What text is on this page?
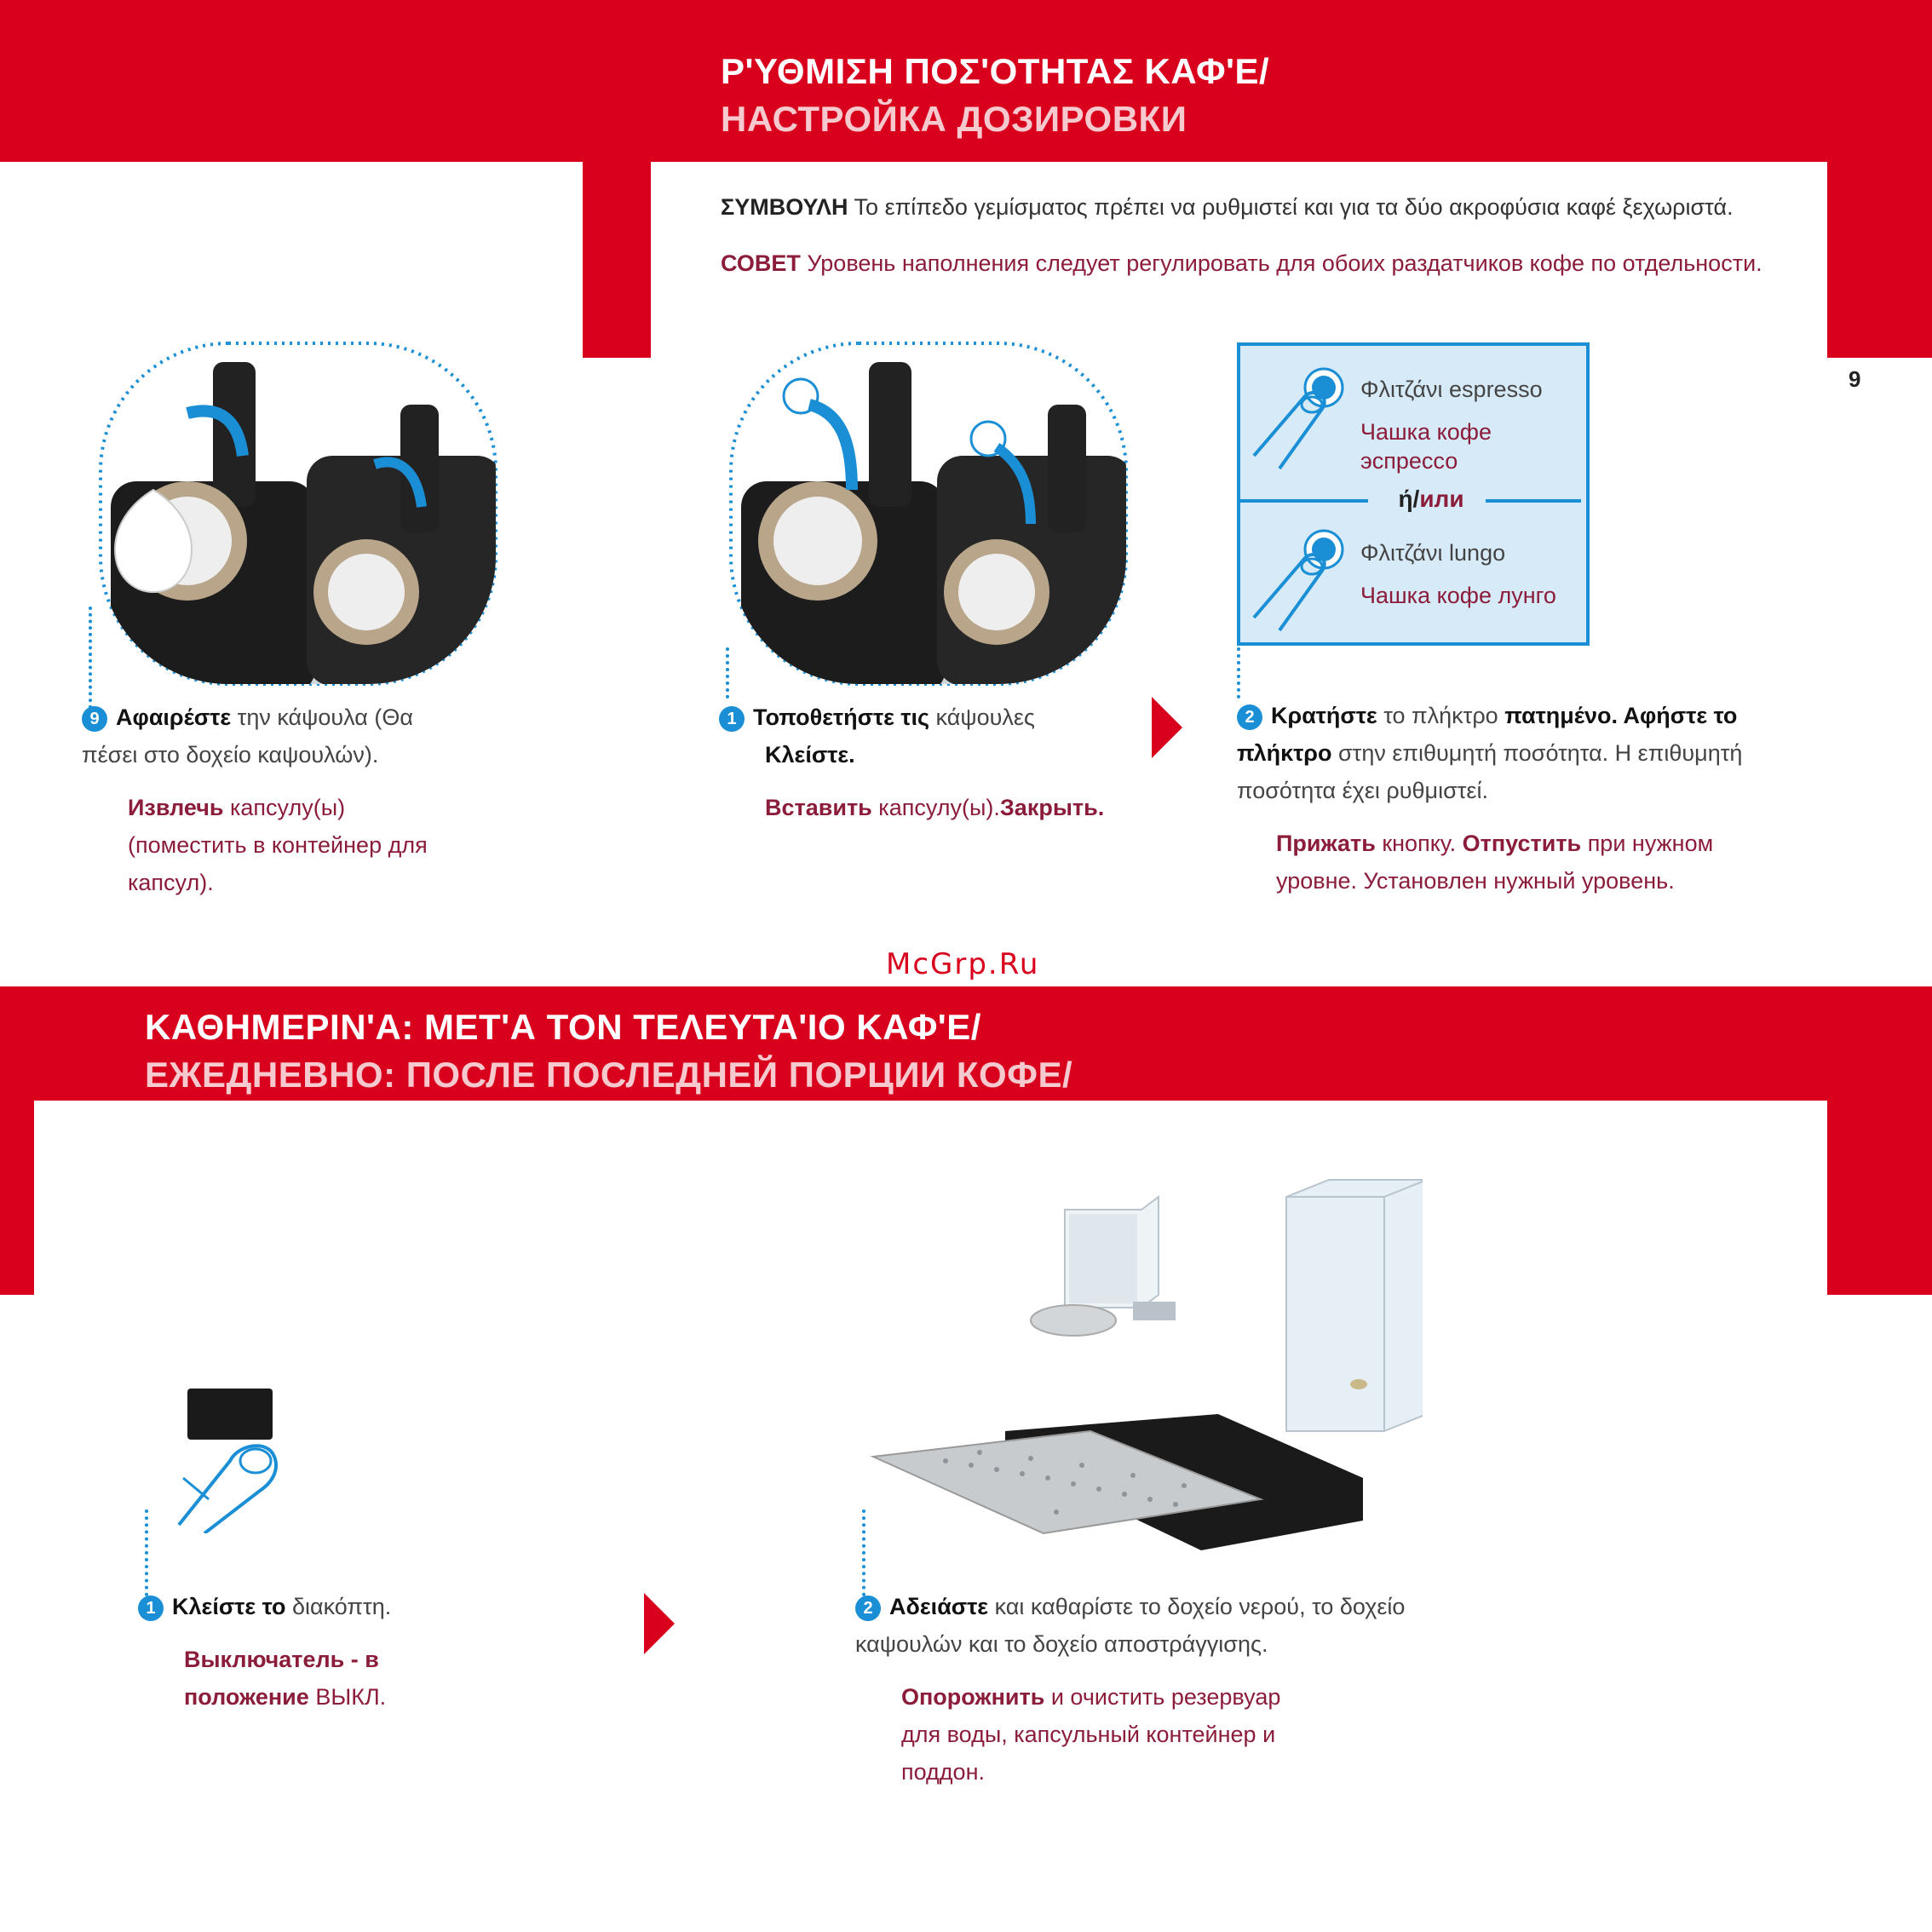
Ρ'ΥΘΜΙΣΗ ΠΟΣ'ΟΤΗΤΑΣ ΚΑΦ'Ε/
НАСТРОЙКА ДОЗИРОВКИ
ΣΥΜΒΟΥΛΗ Το επίπεδο γεμίσματος πρέπει να ρυθμιστεί και για τα δύο ακροφύσια καφέ ξεχωριστά.
СОВЕТ Уровень наполнения следует регулировать для обоих раздатчиков кофе по отдельности.
9
9 Αφαιρέστε την κάψουλα (Θα πέσει στο δοχείο καψουλών).
Извлечь капсулу(ы) (поместить в контейнер для капсул).
1 Τοποθετήστε τις κάψουλες
Κλείστε.
Вставить капсулу(ы).Закрыть.
Φλιτζάνι espresso
Чашка кофе эспрессо
ή/или
Φλιτζάνι lungo
Чашка кофе лунго
2 Κρατήστε το πλήκτρο πατημένο. Αφήστε το πλήκτρο στην επιθυμητή ποσότητα. Η επιθυμητή ποσότητα έχει ρυθμιστεί.
Прижать кнопку. Отпустить при нужном уровне. Установлен нужный уровень.
McGrp.Ru
ΚΑΘΗΜΕΡΙΝ'Α: ΜΕΤ'Α ΤΟΝ ΤΕΛΕΥΤΑ'ΙΟ ΚΑΦ'Ε/
ЕЖЕДНЕВНО: ПОСЛЕ ПОСЛЕДНЕЙ ПОРЦИИ КОФЕ/
1 Κλείστε το διακόπτη.
Выключатель - в положение ВЫКЛ.
2 Αδειάστε και καθαρίστε το δοχείο νερού, το δοχείο καψουλών και το δοχείο αποστράγγισης.
Опорожнить и очистить резервуар для воды, капсульный контейнер и поддон.
